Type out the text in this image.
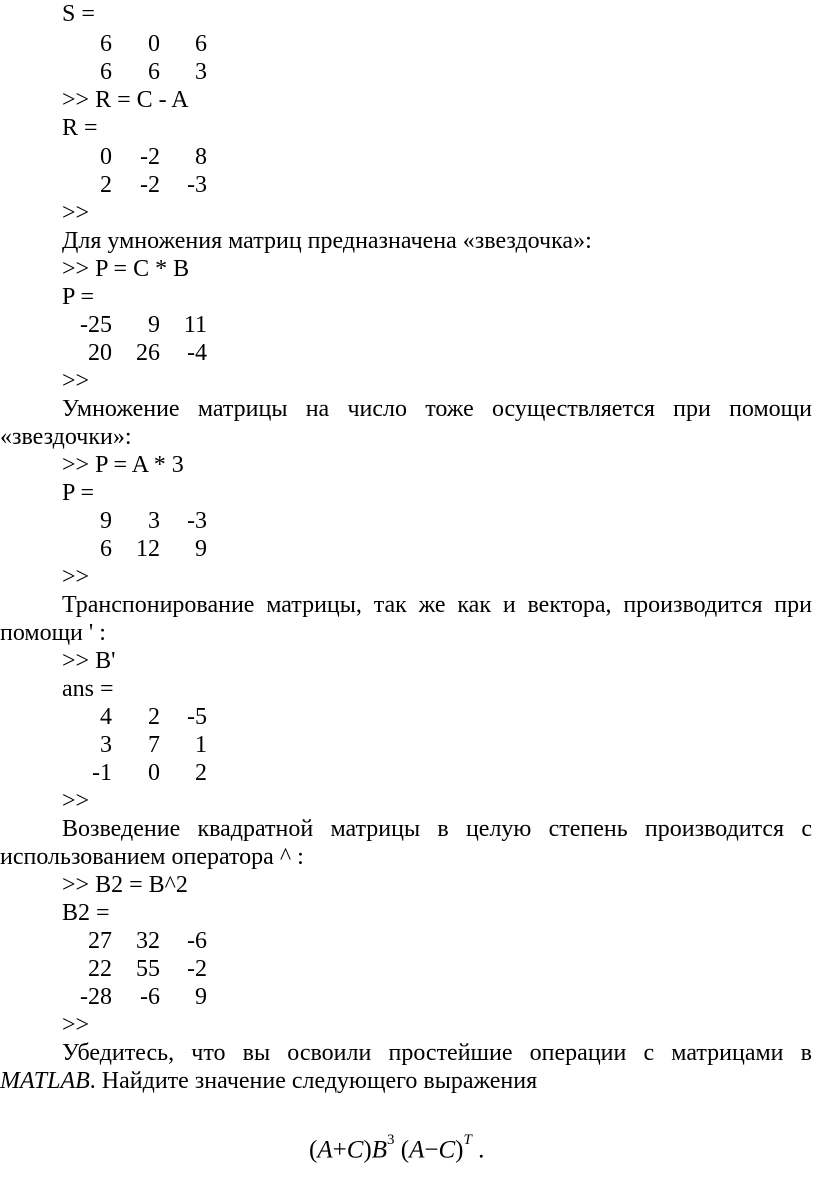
S =
6	0	6
6	6	3
>> R = C - A
R =
0	-2	8
2	-2	-3
>>
Для умножения матриц предназначена «звездочка»:
>> P = C * B
P =
-25	9 11
20	26	-4
>>
Умножение матрицы на число тоже осуществляется при помощи «звездочки»:
>> P = A * 3
P =
9	3	-3
6	12	9
>>
Транспонирование матрицы, так же как и вектора, производится при помощи ' :
>> B'
ans =
4	2	-5
3	7	1
-1	0	2
>>
Возведение квадратной матрицы в целую степень производится с использованием оператора ^ :
>> B2 = B^2
B2 =
27	32	-6
22	55	-2
-28	-6	9
>>
Убедитесь, что вы освоили простейшие операции с матрицами в MATLAB. Найдите значение следующего выражения
$(A+C)B^3$ $(A-C)^T$ .
